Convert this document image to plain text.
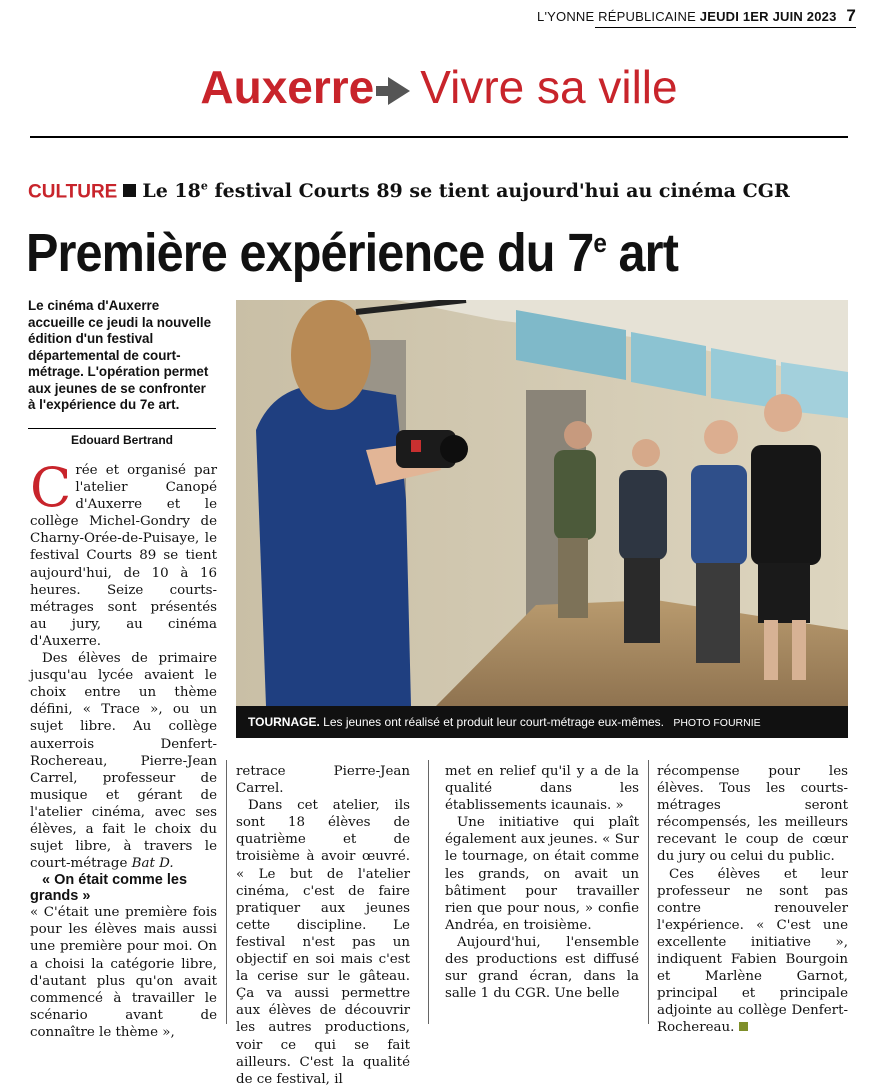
L'YONNE RÉPUBLICAINE JEUDI 1ER JUIN 2023 7
Auxerre Vivre sa ville
CULTURE Le 18e festival Courts 89 se tient aujourd'hui au cinéma CGR
Première expérience du 7e art
Le cinéma d'Auxerre accueille ce jeudi la nouvelle édition d'un festival départemental de court-métrage. L'opération permet aux jeunes de se confronter à l'expérience du 7e art.
Edouard Bertrand
TOURNAGE. Les jeunes ont réalisé et produit leur court-métrage eux-mêmes. PHOTO FOURNIE

Crée et organisé par l'atelier Canopé d'Auxerre et le collège Michel-Gondry de Charny-Orée-de-Puisaye, le festival Courts 89 se tient aujourd'hui, de 10 à 16 heures. Seize courts-métrages sont présentés au jury, au cinéma d'Auxerre.

Des élèves de primaire jusqu'au lycée avaient le choix entre un thème défini, « Trace », ou un sujet libre. Au collège auxerrois Denfert-Rochereau, Pierre-Jean Carrel, professeur de musique et gérant de l'atelier cinéma, avec ses élèves, a fait le choix du sujet libre, à travers le court-métrage Bat D.

« On était comme les grands »

« C'était une première fois pour les élèves mais aussi une première pour moi. On a choisi la catégorie libre, d'autant plus qu'on avait commencé à travailler le scénario avant de connaître le thème »,

retrace Pierre-Jean Carrel.

Dans cet atelier, ils sont 18 élèves de quatrième et de troisième à avoir œuvré. « Le but de l'atelier cinéma, c'est de faire pratiquer aux jeunes cette discipline. Le festival n'est pas un objectif en soi mais c'est la cerise sur le gâteau. Ça va aussi permettre aux élèves de découvrir les autres productions, voir ce qui se fait ailleurs. C'est la qualité de ce festival, il

met en relief qu'il y a de la qualité dans les établissements icaunais. »

Une initiative qui plaît également aux jeunes. « Sur le tournage, on était comme les grands, on avait un bâtiment pour travailler rien que pour nous, » confie Andréa, en troisième.

Aujourd'hui, l'ensemble des productions est diffusé sur grand écran, dans la salle 1 du CGR. Une belle

récompense pour les élèves. Tous les courts-métrages seront récompensés, les meilleurs recevant le coup de cœur du jury ou celui du public.

Ces élèves et leur professeur ne sont pas contre renouveler l'expérience. « C'est une excellente initiative », indiquent Fabien Bourgoin et Marlène Garnot, principal et principale adjointe au collège Denfert-Rochereau.
